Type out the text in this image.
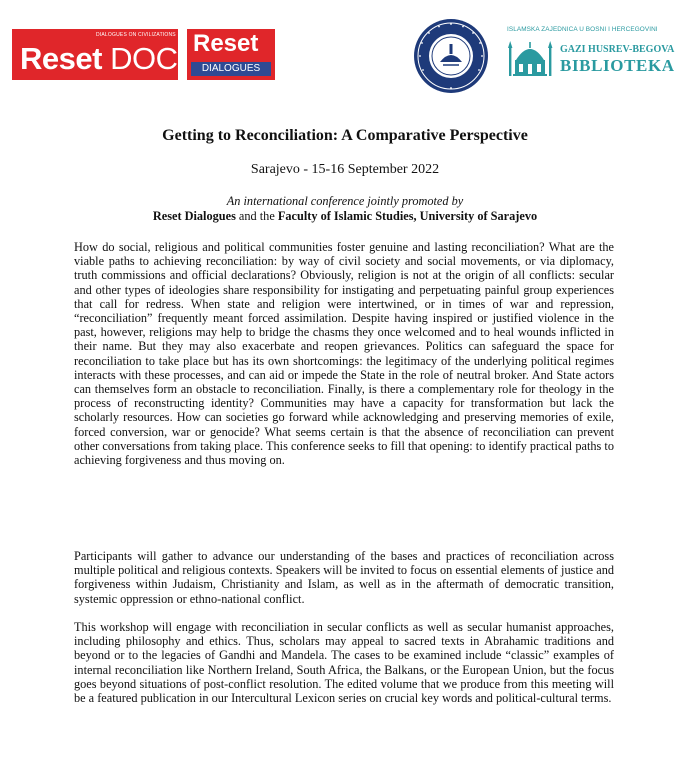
DIALOGUES ON CIVILIZATIONS
Reset DOC Reset
DIALOGUES
ISLAMSKA ZAJEDNICA U BOSNI I HERCEGOVINI
GAZI HUSREV-BEGOVA
BIBLIOTEKA
Getting to Reconciliation: A Comparative Perspective
Sarajevo - 15-16 September 2022
An international conference jointly promoted by
Reset Dialogues and the Faculty of Islamic Studies, University of Sarajevo

How do social, religious and political communities foster genuine and lasting reconciliation? What are the viable paths to achieving reconciliation: by way of civil society and social movements, or via diplomacy, truth commissions and official declarations? Obviously, religion is not at the origin of all conflicts: secular and other types of ideologies share responsibility for instigating and perpetuating painful group experiences that call for redress. When state and religion were intertwined, or in times of war and repression, “reconciliation” frequently meant forced assimilation. Despite having inspired or justified violence in the past, however, religions may help to bridge the chasms they once welcomed and to heal wounds inflicted in their name. But they may also exacerbate and reopen grievances. Politics can safeguard the space for reconciliation to take place but has its own shortcomings: the legitimacy of the underlying political regimes interacts with these processes, and can aid or impede the State in the role of neutral broker. And State actors can themselves form an obstacle to reconciliation. Finally, is there a complementary role for theology in the process of reconstructing identity? Communities may have a capacity for transformation but lack the scholarly resources. How can societies go forward while acknowledging and preserving memories of exile, forced conversion, war or genocide? What seems certain is that the absence of reconciliation can prevent other conversations from taking place. This conference seeks to fill that opening: to identify practical paths to achieving forgiveness and thus moving on.

Participants will gather to advance our understanding of the bases and practices of reconciliation across multiple political and religious contexts. Speakers will be invited to focus on essential elements of justice and forgiveness within Judaism, Christianity and Islam, as well as in the aftermath of democratic transition, systemic oppression or ethno-national conflict.

This workshop will engage with reconciliation in secular conflicts as well as secular humanist approaches, including philosophy and ethics. Thus, scholars may appeal to sacred texts in Abrahamic traditions and beyond or to the legacies of Gandhi and Mandela. The cases to be examined include “classic” examples of internal reconciliation like Northern Ireland, South Africa, the Balkans, or the European Union, but the focus goes beyond situations of post-conflict resolution. The edited volume that we produce from this meeting will be a featured publication in our Intercultural Lexicon series on crucial key words and political-cultural terms.
